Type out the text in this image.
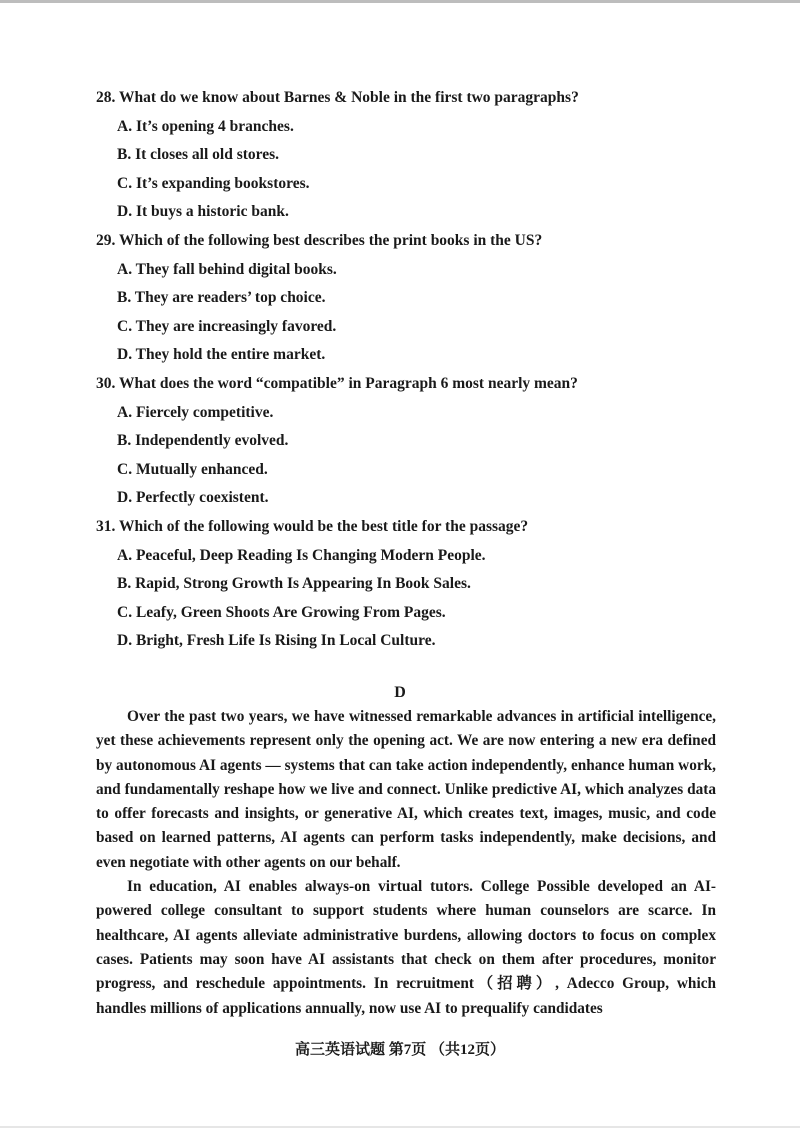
28. What do we know about Barnes & Noble in the first two paragraphs?
A. It’s opening 4 branches.
B. It closes all old stores.
C. It’s expanding bookstores.
D. It buys a historic bank.
29. Which of the following best describes the print books in the US?
A. They fall behind digital books.
B. They are readers’ top choice.
C. They are increasingly favored.
D. They hold the entire market.
30. What does the word “compatible” in Paragraph 6 most nearly mean?
A. Fiercely competitive.
B. Independently evolved.
C. Mutually enhanced.
D. Perfectly coexistent.
31. Which of the following would be the best title for the passage?
A. Peaceful, Deep Reading Is Changing Modern People.
B. Rapid, Strong Growth Is Appearing In Book Sales.
C. Leafy, Green Shoots Are Growing From Pages.
D. Bright, Fresh Life Is Rising In Local Culture.
D

Over the past two years, we have witnessed remarkable advances in artificial intelligence, yet these achievements represent only the opening act. We are now entering a new era defined by autonomous AI agents — systems that can take action independently, enhance human work, and fundamentally reshape how we live and connect. Unlike predictive AI, which analyzes data to offer forecasts and insights, or generative AI, which creates text, images, music, and code based on learned patterns, AI agents can perform tasks independently, make decisions, and even negotiate with other agents on our behalf.

In education, AI enables always-on virtual tutors. College Possible developed an AI-powered college consultant to support students where human counselors are scarce. In healthcare, AI agents alleviate administrative burdens, allowing doctors to focus on complex cases. Patients may soon have AI assistants that check on them after procedures, monitor progress, and reschedule appointments. In recruitment（招聘）, Adecco Group, which handles millions of applications annually, now use AI to prequalify candidates

高三英语试题 第7页 （共12页）
